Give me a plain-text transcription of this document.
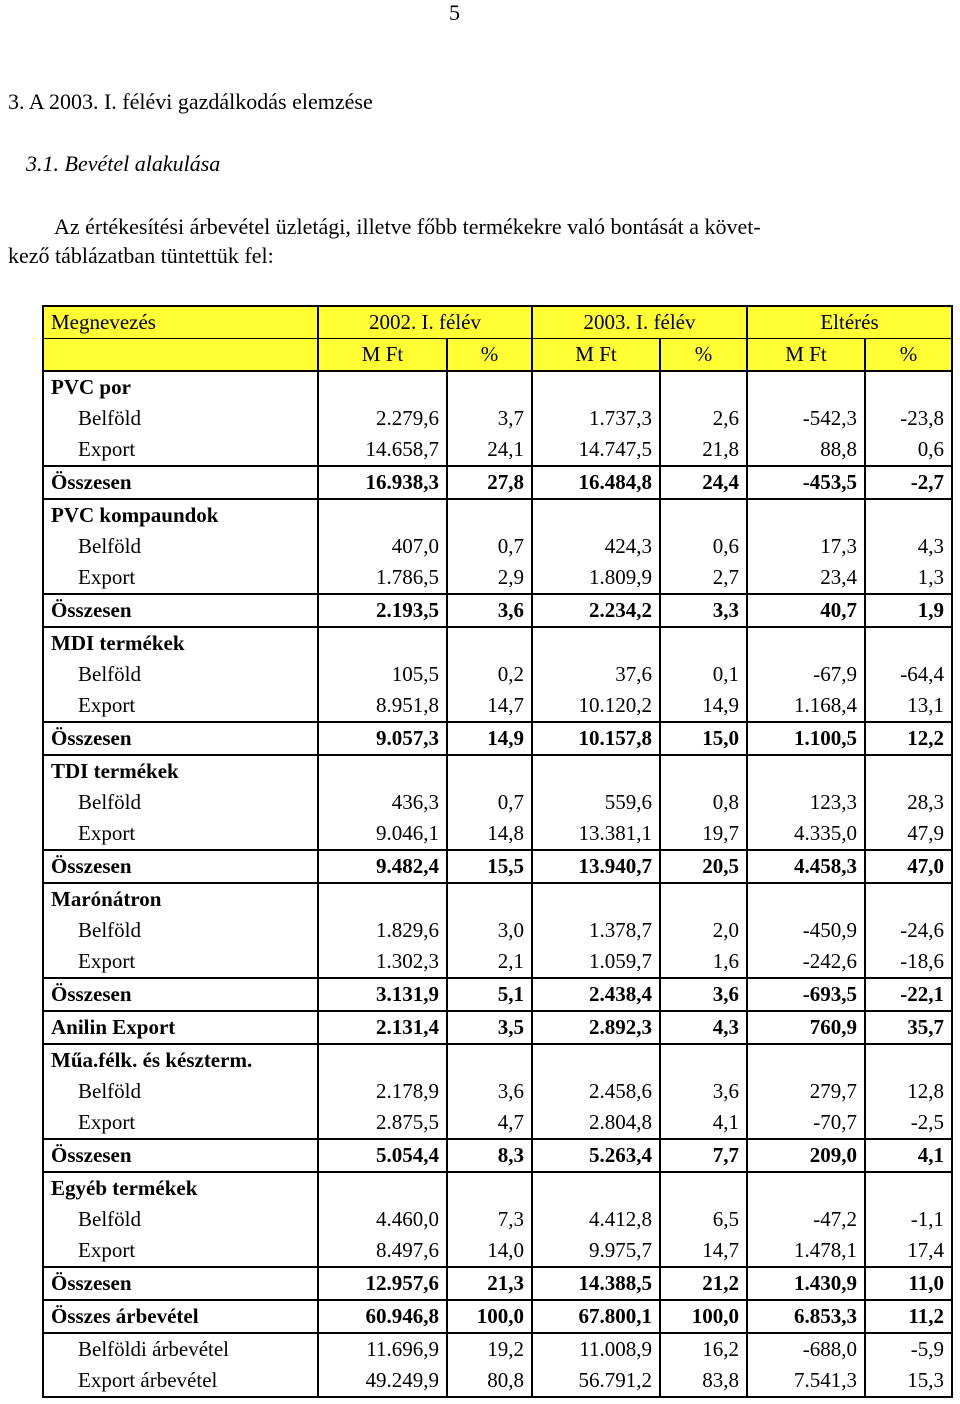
5
3. A 2003. I. félévi gazdálkodás elemzése
3.1. Bevétel alakulása
Az értékesítési árbevétel üzletági, illetve főbb termékekre való bontását a követ-
kező táblázatban tüntettük fel:
Megnevezés	2002. I. félév		2003. I. félév		Eltérés	
	M Ft	%	M Ft	%	M Ft	%
PVC por						
Belföld	2.279,6	3,7	1.737,3	2,6	-542,3	-23,8
Export	14.658,7	24,1	14.747,5	21,8	88,8	0,6
Összesen	16.938,3	27,8	16.484,8	24,4	-453,5	-2,7
PVC kompaundok						
Belföld	407,0	0,7	424,3	0,6	17,3	4,3
Export	1.786,5	2,9	1.809,9	2,7	23,4	1,3
Összesen	2.193,5	3,6	2.234,2	3,3	40,7	1,9
MDI termékek						
Belföld	105,5	0,2	37,6	0,1	-67,9	-64,4
Export	8.951,8	14,7	10.120,2	14,9	1.168,4	13,1
Összesen	9.057,3	14,9	10.157,8	15,0	1.100,5	12,2
TDI termékek						
Belföld	436,3	0,7	559,6	0,8	123,3	28,3
Export	9.046,1	14,8	13.381,1	19,7	4.335,0	47,9
Összesen	9.482,4	15,5	13.940,7	20,5	4.458,3	47,0
Marónátron						
Belföld	1.829,6	3,0	1.378,7	2,0	-450,9	-24,6
Export	1.302,3	2,1	1.059,7	1,6	-242,6	-18,6
Összesen	3.131,9	5,1	2.438,4	3,6	-693,5	-22,1
Anilin Export	2.131,4	3,5	2.892,3	4,3	760,9	35,7
Műa.félk. és készterm.						
Belföld	2.178,9	3,6	2.458,6	3,6	279,7	12,8
Export	2.875,5	4,7	2.804,8	4,1	-70,7	-2,5
Összesen	5.054,4	8,3	5.263,4	7,7	209,0	4,1
Egyéb termékek						
Belföld	4.460,0	7,3	4.412,8	6,5	-47,2	-1,1
Export	8.497,6	14,0	9.975,7	14,7	1.478,1	17,4
Összesen	12.957,6	21,3	14.388,5	21,2	1.430,9	11,0
Összes árbevétel	60.946,8	100,0	67.800,1	100,0	6.853,3	11,2
Belföldi árbevétel	11.696,9	19,2	11.008,9	16,2	-688,0	-5,9
Export árbevétel	49.249,9	80,8	56.791,2	83,8	7.541,3	15,3
